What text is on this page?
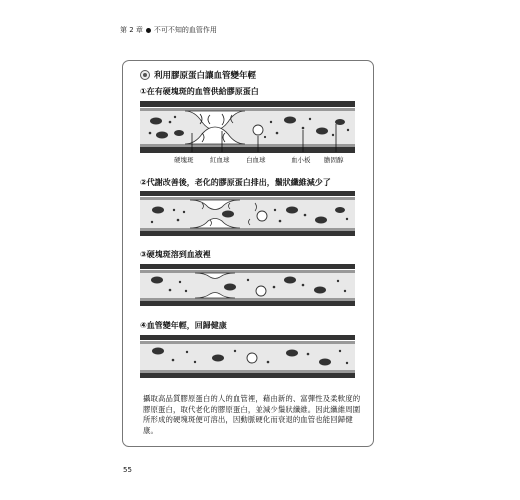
第 2 章 不可不知的血管作用
利用膠原蛋白讓血管變年輕
①在有硬塊斑的血管供給膠原蛋白
硬塊斑	紅血球	白血球	血小板 膽固醇
②代謝改善後，老化的膠原蛋白排出，鬚狀纖維減少了
③硬塊斑溶到血液裡
④血管變年輕，回歸健康
攝取高品質膠原蛋白的人的血管裡，藉由新的、富彈性及柔軟度的膠原蛋白，取代老化的膠原蛋白，並減少鬚狀纖維。因此纖維周圍所形成的硬塊斑便可溶出，因動脈硬化而衰退的血管也能回歸健康。
55
